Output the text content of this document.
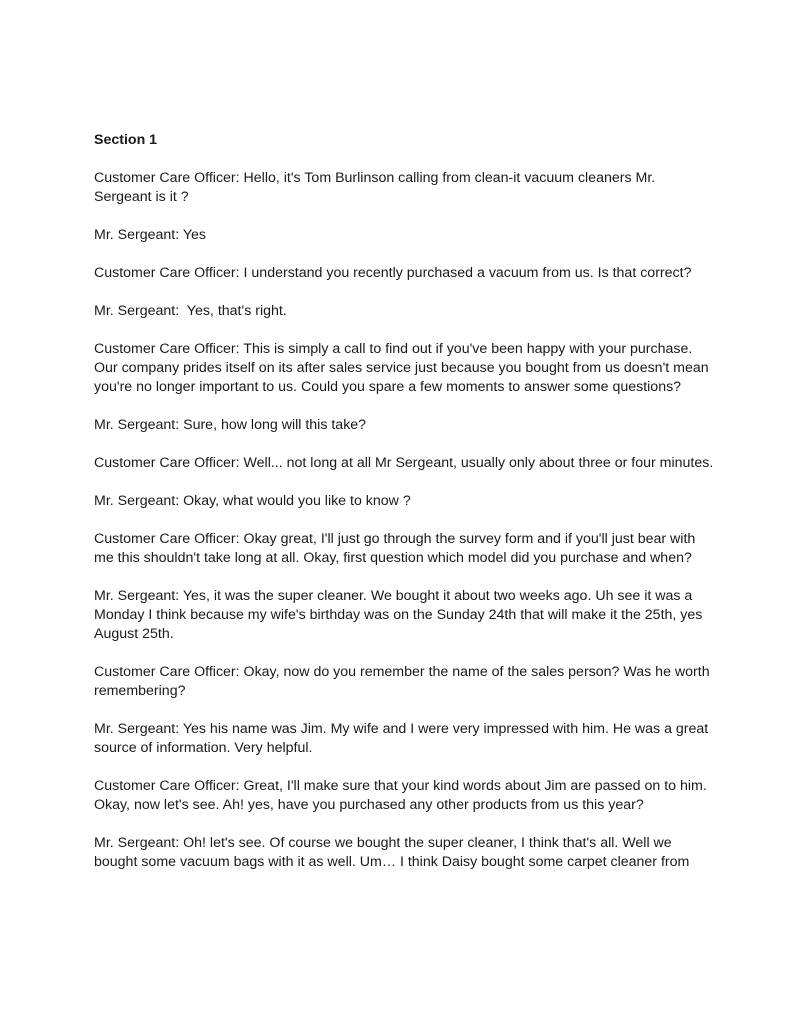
Section 1
Customer Care Officer: Hello, it's Tom Burlinson calling from clean-it vacuum cleaners Mr. Sergeant is it ?
Mr. Sergeant: Yes
Customer Care Officer: I understand you recently purchased a vacuum from us. Is that correct?
Mr. Sergeant:  Yes, that's right.
Customer Care Officer: This is simply a call to find out if you've been happy with your purchase. Our company prides itself on its after sales service just because you bought from us doesn't mean you're no longer important to us. Could you spare a few moments to answer some questions?
Mr. Sergeant: Sure, how long will this take?
Customer Care Officer: Well... not long at all Mr Sergeant, usually only about three or four minutes.
Mr. Sergeant: Okay, what would you like to know ?
Customer Care Officer: Okay great, I'll just go through the survey form and if you'll just bear with me this shouldn't take long at all. Okay, first question which model did you purchase and when?
Mr. Sergeant: Yes, it was the super cleaner. We bought it about two weeks ago. Uh see it was a Monday I think because my wife's birthday was on the Sunday 24th that will make it the 25th, yes August 25th.
Customer Care Officer: Okay, now do you remember the name of the sales person? Was he worth remembering?
Mr. Sergeant: Yes his name was Jim. My wife and I were very impressed with him. He was a great source of information. Very helpful.
Customer Care Officer: Great, I'll make sure that your kind words about Jim are passed on to him. Okay, now let's see. Ah! yes, have you purchased any other products from us this year?
Mr. Sergeant: Oh! let's see. Of course we bought the super cleaner, I think that's all. Well we bought some vacuum bags with it as well. Um… I think Daisy bought some carpet cleaner from
